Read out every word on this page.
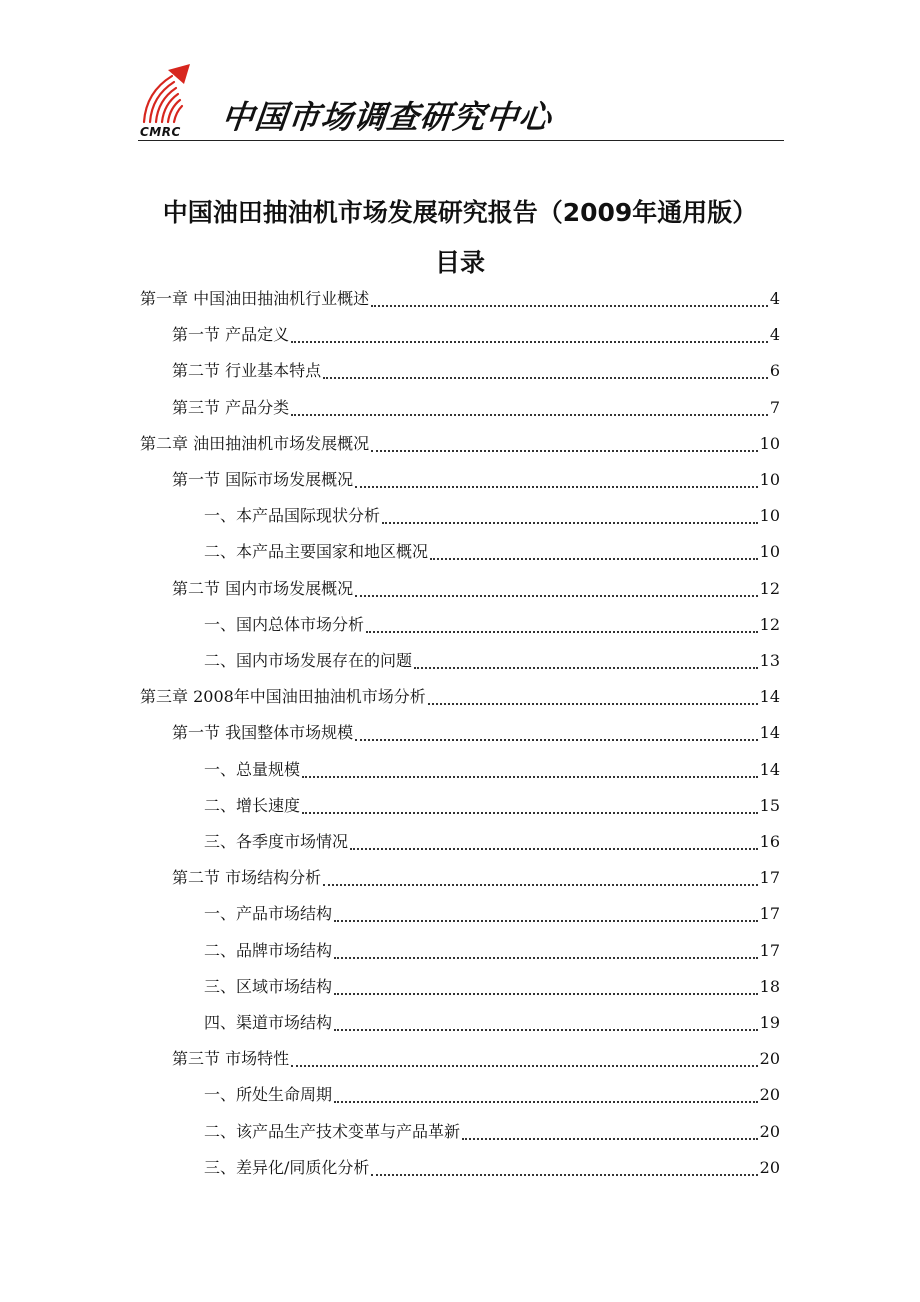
CMRC 中国市场调查研究中心
中国油田抽油机市场发展研究报告（2009年通用版）
目录
第一章 中国油田抽油机行业概述	4
第一节 产品定义	4
第二节 行业基本特点	6
第三节 产品分类	7
第二章 油田抽油机市场发展概况	10
第一节 国际市场发展概况	10
一、本产品国际现状分析	10
二、本产品主要国家和地区概况	10
第二节 国内市场发展概况	12
一、国内总体市场分析	12
二、国内市场发展存在的问题	13
第三章 2008年中国油田抽油机市场分析	14
第一节 我国整体市场规模	14
一、总量规模	14
二、增长速度	15
三、各季度市场情况	16
第二节 市场结构分析	17
一、产品市场结构	17
二、品牌市场结构	17
三、区域市场结构	18
四、渠道市场结构	19
第三节 市场特性	20
一、所处生命周期	20
二、该产品生产技术变革与产品革新	20
三、差异化/同质化分析	20
